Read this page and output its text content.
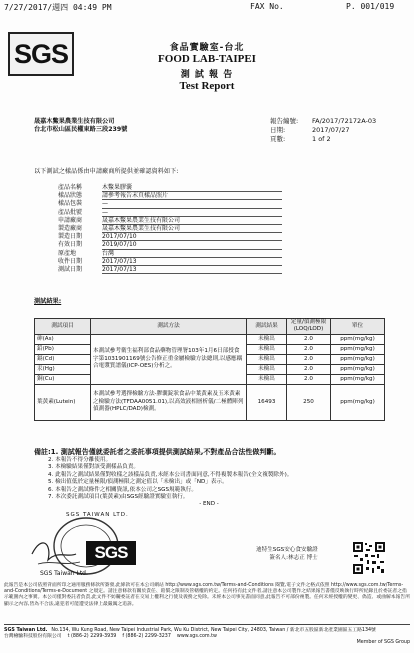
7/27/2017/週四 04:49 PM	FAX No.	P. 001/019
SGS	食品實驗室-台北
FOOD LAB-TAIPEI
測 試 報 告
Test Report
晟嘉木鱉果農業生技有限公司
台北市松山區民權東路三段239號
報告編號:	FA/2017/72172A-03
日期:	2017/07/27
頁數:	1 of 2
以下測試之樣品係由申請廠商所提供並確認資料如下:
產品名稱	木鱉果膠囊
樣品狀態	請參考報告末頁樣品照片
樣品包裝	—
產品批號	—
申請廠商	晟嘉木鱉果農業生技有限公司
製造廠商	晟嘉木鱉果農業生技有限公司
製造日期	2017/07/10
有效日期	2019/07/10
原產地	台灣
收件日期	2017/07/13
測試日期	2017/07/13
測試結果:
測試項目	測試方法	測試結果	定量/偵測極限(LOQ/LOD)	單位
砷(As)	本測試參考衛生福利部食品藥物管理署103年1月6日部授食字第1031901169號公告修正重金屬檢驗方法總則,以感應耦合電漿質譜儀(ICP-OES)分析之。	未檢出	2.0	ppm(mg/kg)
鉛(Pb)		未檢出	2.0	ppm(mg/kg)
鎘(Cd)		未檢出	2.0	ppm(mg/kg)
汞(Hg)		未檢出	2.0	ppm(mg/kg)
銅(Cu)		未檢出	2.0	ppm(mg/kg)
葉黃素(Lutein)	本測試參考選擇檢驗方法-膠囊錠狀食品中葉黃素及玉米黃素之檢驗方法(TFDAA0051.01),以高效液相層析儀/二極體陣列偵測器(HPLC/DAD)檢測。	16493	250	ppm(mg/kg)
備註:1. 測試報告僅就委託者之委託事項提供測試結果,不對產品合法性做判斷。
2. 本報告不得分離使用。
3. 本檢驗結果僅對該受測樣品負責。
4. 此報告之測試結果僅對收樣之該樣品負責,未經本公司書面同意,不得複製本報告(全文複製除外)。
5. 檢出值低於定量極限/偵測極限之測定值以「未檢出」或「ND」表示。
6. 本報告之測試條件之相關資訊,依本公司之SGS規範執行。
7. 本次委託測試項目(葉黃素)由SGS經驗證實驗室執行。
- END -
SGS TAIWAN LTD.
SGS
SGS Taiwan Ltd.
迪特生SGS安心食安驗證
簽名人:林志正 博士
此報告是本公司依照背面所印之通用服務條款所簽發,此條款可在本公司網站 http://www.sgs.com.tw/Terms-and-Conditions 閱覽,電子文件之格式依照 http://www.sgs.com.tw/Terms-and-Conditions/Terms-e-Document 之規定。請注意條款有關於責任、賠償之限制及管轄權的約定。任何持有此文件者,請注意本公司製作之結果報告書僅反映執行時所紀錄且於委託者之指示範圍內之事實。本公司僅對委託者負責,此文件不妨礙委託者在交易上權利之行使及義務之免除。未經本公司事先書面同意,此報告不可部份複製。任何未經授權的變更、偽造、或曲解本報告所顯示之內容,皆為不合法,違犯者可能遭受法律上最嚴厲之追訴。
SGS Taiwan Ltd. No.134, Wu Kung Road, New Taipei Industrial Park, Wu Ku District, New Taipei City, 24803, Taiwan / 新北市五股區新北產業園區五工路134號
台灣檢驗科技股份有限公司 t (886-2) 2299-3939 f (886-2) 2299-3237 www.sgs.com.tw
Member of SGS Group
